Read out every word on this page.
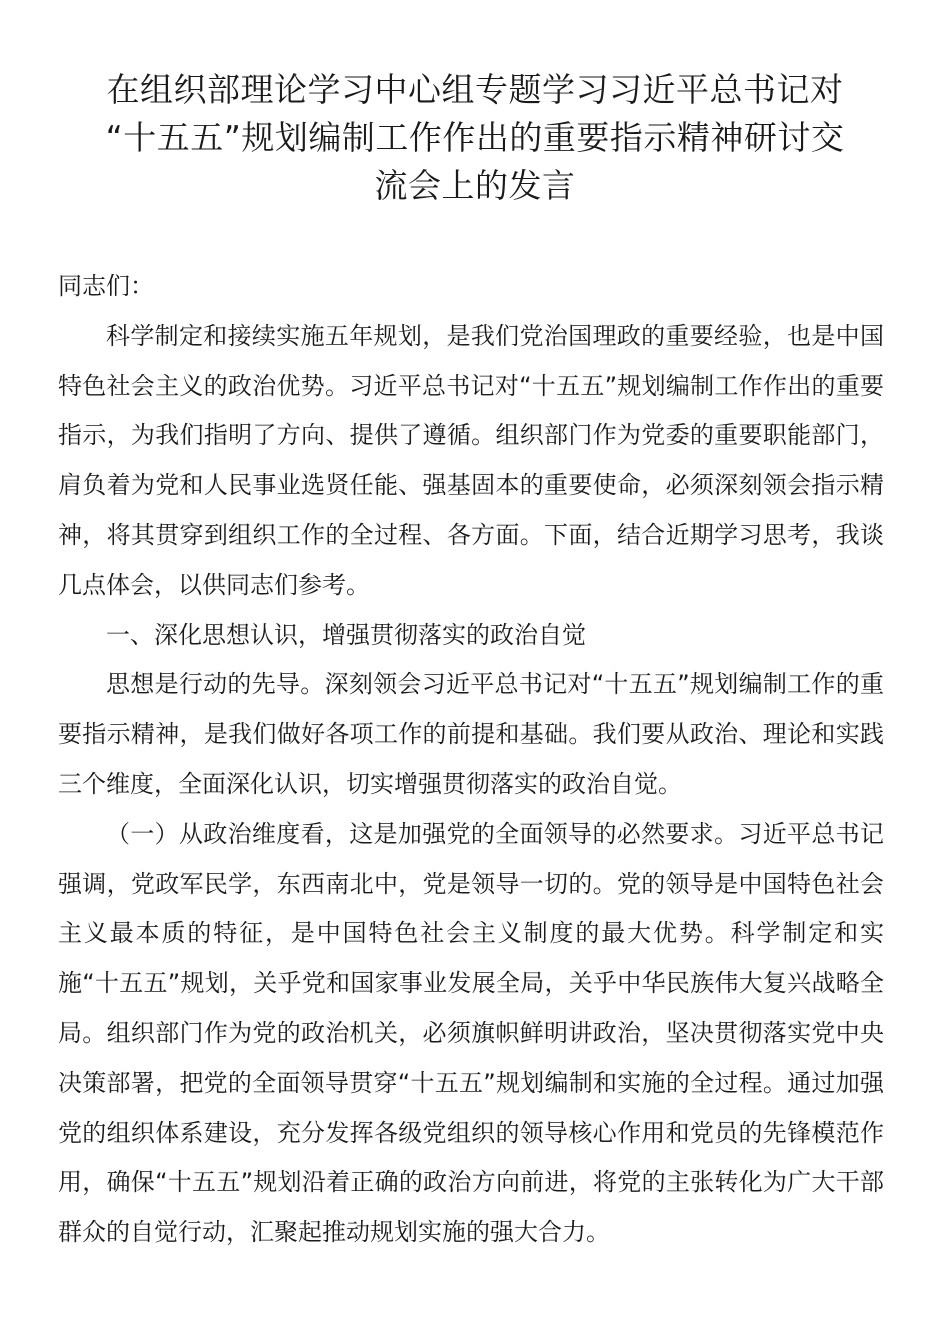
在组织部理论学习中心组专题学习习近平总书记对
“十五五”规划编制工作作出的重要指示精神研讨交
流会上的发言

同志们：

科学制定和接续实施五年规划，是我们党治国理政的重要经验，也是中国特色社会主义的政治优势。习近平总书记对“十五五”规划编制工作作出的重要指示，为我们指明了方向、提供了遵循。组织部门作为党委的重要职能部门，肩负着为党和人民事业选贤任能、强基固本的重要使命，必须深刻领会指示精神，将其贯穿到组织工作的全过程、各方面。下面，结合近期学习思考，我谈几点体会，以供同志们参考。

一、深化思想认识，增强贯彻落实的政治自觉

思想是行动的先导。深刻领会习近平总书记对“十五五”规划编制工作的重要指示精神，是我们做好各项工作的前提和基础。我们要从政治、理论和实践三个维度，全面深化认识，切实增强贯彻落实的政治自觉。

（一）从政治维度看，这是加强党的全面领导的必然要求。习近平总书记强调，党政军民学，东西南北中，党是领导一切的。党的领导是中国特色社会主义最本质的特征，是中国特色社会主义制度的最大优势。科学制定和实施“十五五”规划，关乎党和国家事业发展全局，关乎中华民族伟大复兴战略全局。组织部门作为党的政治机关，必须旗帜鲜明讲政治，坚决贯彻落实党中央决策部署，把党的全面领导贯穿“十五五”规划编制和实施的全过程。通过加强党的组织体系建设，充分发挥各级党组织的领导核心作用和党员的先锋模范作用，确保“十五五”规划沿着正确的政治方向前进，将党的主张转化为广大干部群众的自觉行动，汇聚起推动规划实施的强大合力。
